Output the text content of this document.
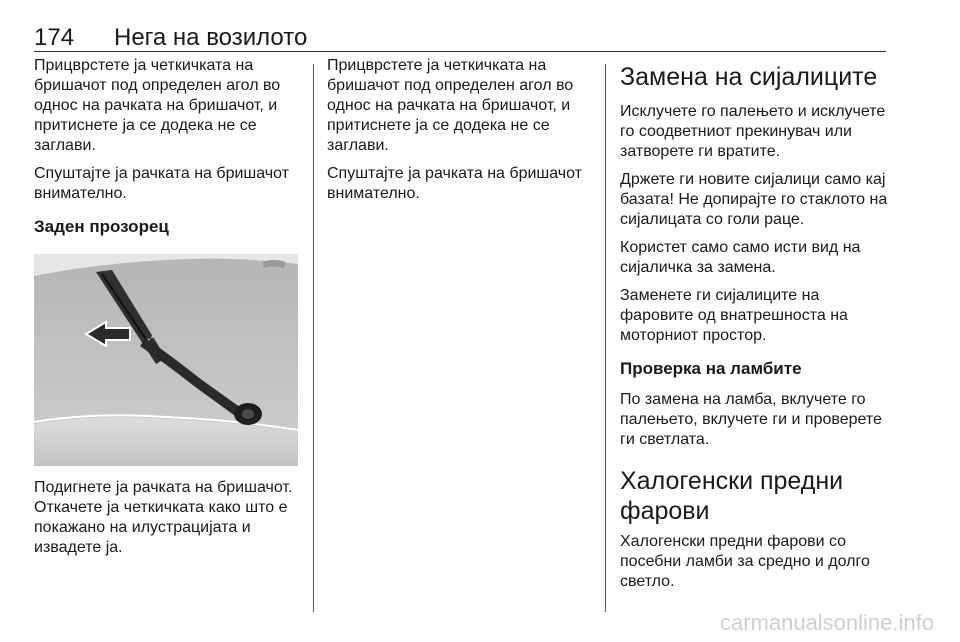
174 Нега на возилото

Прицврстете ја четкичката на бришачот под определен агол во однос на рачката на бришачот, и притиснете ја се додека не се заглави.

Спуштајте ја рачката на бришачот внимателно.

Заден прозорец

Подигнете ја рачката на бришачот. Откачете ја четкичката како што е покажано на илустрацијата и извадете ја.

Прицврстете ја четкичката на бришачот под определен агол во однос на рачката на бришачот, и притиснете ја се додека не се заглави.

Спуштајте ја рачката на бришачот внимателно.

Замена на сијалиците

Исклучете го палењето и исклучете го соодветниот прекинувач или затворете ги вратите.

Држете ги новите сијалици само кај базата! Не допирајте го стаклото на сијалицата со голи раце.

Користет само само исти вид на сијаличка за замена.

Заменете ги сијалиците на фаровите од внатрешноста на моторниот простор.

Проверка на ламбите

По замена на ламба, вклучете го палењето, вклучете ги и проверете ги светлата.

Халогенски предни фарови

Халогенски предни фарови со посебни ламби за средно и долго светло.

carmanualsonline.info
